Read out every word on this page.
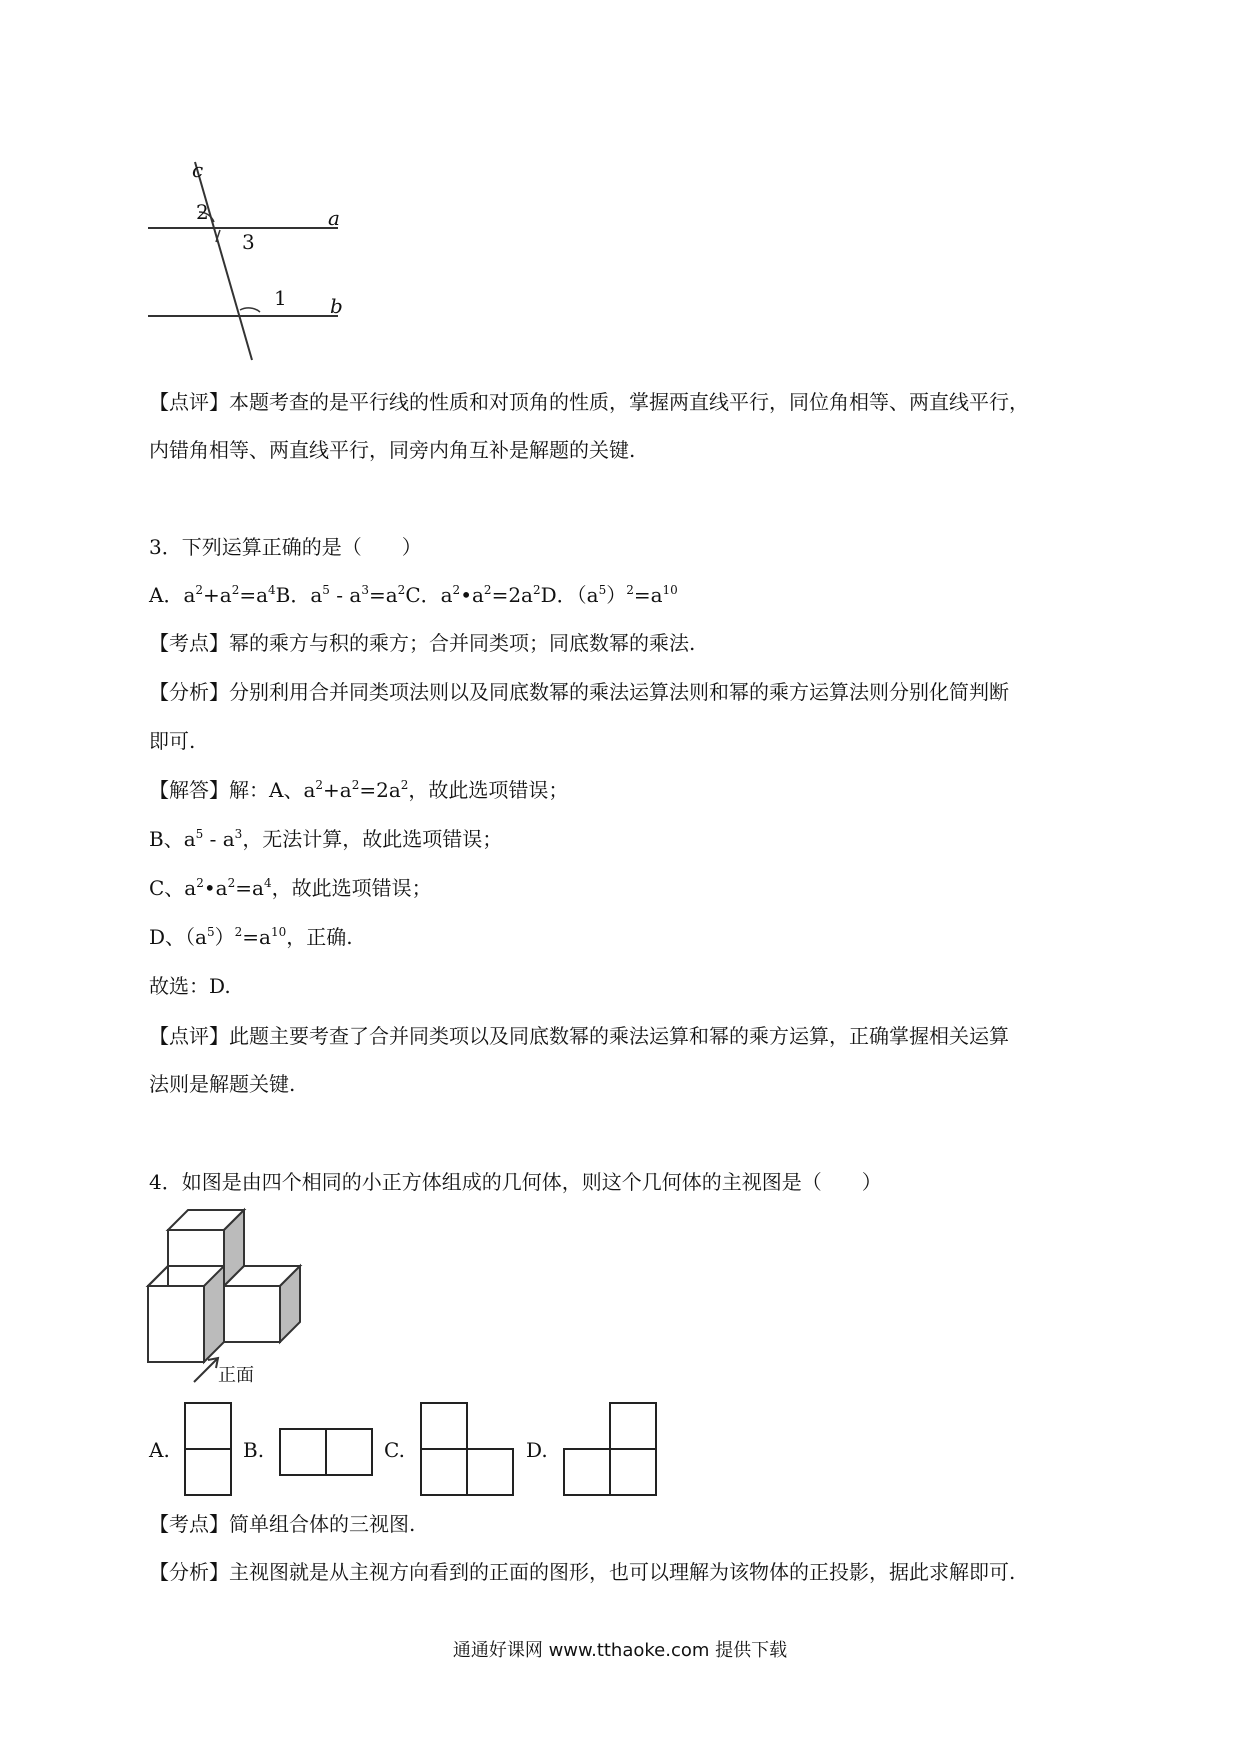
c
a
b
2
3
1
【点评】本题考查的是平行线的性质和对顶角的性质，掌握两直线平行，同位角相等、两直线平行，
内错角相等、两直线平行，同旁内角互补是解题的关键.
3．下列运算正确的是（　　）
A．$a^2+a^2=a^4B$．$a^5 - a^3=a^2C$．$a^2•a^2=2a^2D$．$(a^5)^2=a^{10}$
【考点】幂的乘方与积的乘方；合并同类项；同底数幂的乘法.
【分析】分别利用合并同类项法则以及同底数幂的乘法运算法则和幂的乘方运算法则分别化简判断
即可.
【解答】解：A、$a^2+a^2=2a^2$，故此选项错误；
B、$a^5 - a^3$，无法计算，故此选项错误；
C、$a^2•a^2=a^4$，故此选项错误；
D、$(a^5)^2=a^{10}$，正确.
故选：D.
【点评】此题主要考查了合并同类项以及同底数幂的乘法运算和幂的乘方运算，正确掌握相关运算
法则是解题关键.
4．如图是由四个相同的小正方体组成的几何体，则这个几何体的主视图是（　　）
正面
A.	B.	C.	D.
【考点】简单组合体的三视图.
【分析】主视图就是从主视方向看到的正面的图形，也可以理解为该物体的正投影，据此求解即可.
通通好课网 www.tthaoke.com 提供下载
